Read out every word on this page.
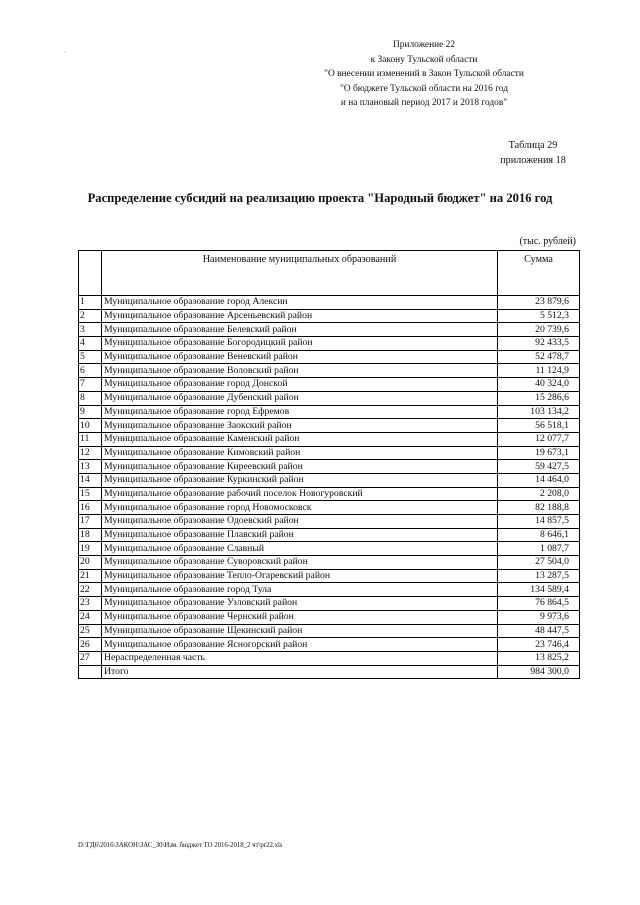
·
Приложение 22
к Закону Тульской области
"О внесении изменений в Закон Тульской области
"О бюджете Тульской области на 2016 год
и на плановый период 2017 и 2018 годов"
Таблица 29
приложения 18
Распределение субсидий на реализацию проекта "Народный бюджет" на 2016 год
(тыс. рублей)
	Наименование муниципальных образований	Сумма
1	Муниципальное образование город Алексин	23 879,6
2	Муниципальное образование Арсеньевский район	5 512,3
3	Муниципальное образование Белевский район	20 739,6
4	Муниципальное образование Богородицкий район	92 433,5
5	Муниципальное образование Веневский район	52 478,7
6	Муниципальное образование Воловский район	11 124,9
7	Муниципальное образование город Донской	40 324,0
8	Муниципальное образование Дубенский район	15 286,6
9	Муниципальное образование город Ефремов	103 134,2
10	Муниципальное образование Заокский район	56 518,1
11	Муниципальное образование Каменский район	12 077,7
12	Муниципальное образование Кимовский район	19 673,1
13	Муниципальное образование Киреевский район	59 427,5
14	Муниципальное образование Куркинский район	14 464,0
15	Муниципальное образование рабочий поселок Новогуровский	2 208,0
16	Муниципальное образование город Новомосковск	82 188,8
17	Муниципальное образование Одоевский район	14 857,5
18	Муниципальное образование Плавский район	8 646,1
19	Муниципальное образование Славный	1 087,7
20	Муниципальное образование Суворовский район	27 504,0
21	Муниципальное образование Тепло-Огаревский район	13 287,5
22	Муниципальное образование город Тула	134 589,4
23	Муниципальное образование Узловский район	76 864,5
24	Муниципальное образование Чернский район	9 973,6
25	Муниципальное образование Щекинский район	48 447,5
26	Муниципальное образование Ясногорский район	23 746,4
27	Нераспределенная часть	13 825,2
	Итого	984 300,0
D:\ГД6\2016\ЗАКОН\ЗАС_30\Изм. бюджет ТО 2016-2018_2 чт\pr22.xls
